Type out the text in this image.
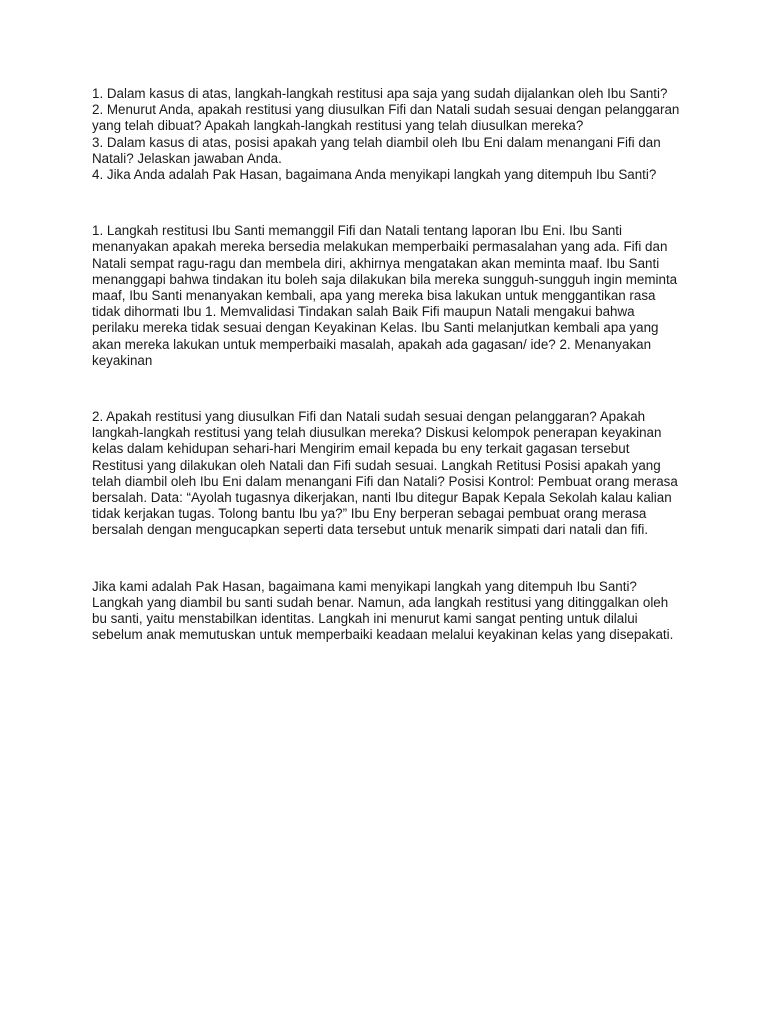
1. Dalam kasus di atas, langkah-langkah restitusi apa saja yang sudah dijalankan oleh Ibu Santi?

2. Menurut Anda, apakah restitusi yang diusulkan Fifi dan Natali sudah sesuai dengan pelanggaran yang telah dibuat? Apakah langkah-langkah restitusi yang telah diusulkan mereka?

3. Dalam kasus di atas, posisi apakah yang telah diambil oleh Ibu Eni dalam menangani Fifi dan Natali? Jelaskan jawaban Anda.

4. Jika Anda adalah Pak Hasan, bagaimana Anda menyikapi langkah yang ditempuh Ibu Santi?

1. Langkah restitusi Ibu Santi memanggil Fifi dan Natali tentang laporan Ibu Eni. Ibu Santi menanyakan apakah mereka bersedia melakukan memperbaiki permasalahan yang ada. Fifi dan Natali sempat ragu-ragu dan membela diri, akhirnya mengatakan akan meminta maaf. Ibu Santi menanggapi bahwa tindakan itu boleh saja dilakukan bila mereka sungguh-sungguh ingin meminta maaf, Ibu Santi menanyakan kembali, apa yang mereka bisa lakukan untuk menggantikan rasa tidak dihormati Ibu 1. Memvalidasi Tindakan salah Baik Fifi maupun Natali mengakui bahwa perilaku mereka tidak sesuai dengan Keyakinan Kelas. Ibu Santi melanjutkan kembali apa yang akan mereka lakukan untuk memperbaiki masalah, apakah ada gagasan/ ide? 2. Menanyakan keyakinan

2. Apakah restitusi yang diusulkan Fifi dan Natali sudah sesuai dengan pelanggaran? Apakah langkah-langkah restitusi yang telah diusulkan mereka? Diskusi kelompok penerapan keyakinan kelas dalam kehidupan sehari-hari Mengirim email kepada bu eny terkait gagasan tersebut Restitusi yang dilakukan oleh Natali dan Fifi sudah sesuai. Langkah Retitusi Posisi apakah yang telah diambil oleh Ibu Eni dalam menangani Fifi dan Natali? Posisi Kontrol: Pembuat orang merasa bersalah. Data: “Ayolah tugasnya dikerjakan, nanti Ibu ditegur Bapak Kepala Sekolah kalau kalian tidak kerjakan tugas. Tolong bantu Ibu ya?” Ibu Eny berperan sebagai pembuat orang merasa bersalah dengan mengucapkan seperti data tersebut untuk menarik simpati dari natali dan fifi.

Jika kami adalah Pak Hasan, bagaimana kami menyikapi langkah yang ditempuh Ibu Santi? Langkah yang diambil bu santi sudah benar. Namun, ada langkah restitusi yang ditinggalkan oleh bu santi, yaitu menstabilkan identitas. Langkah ini menurut kami sangat penting untuk dilalui sebelum anak memutuskan untuk memperbaiki keadaan melalui keyakinan kelas yang disepakati.
